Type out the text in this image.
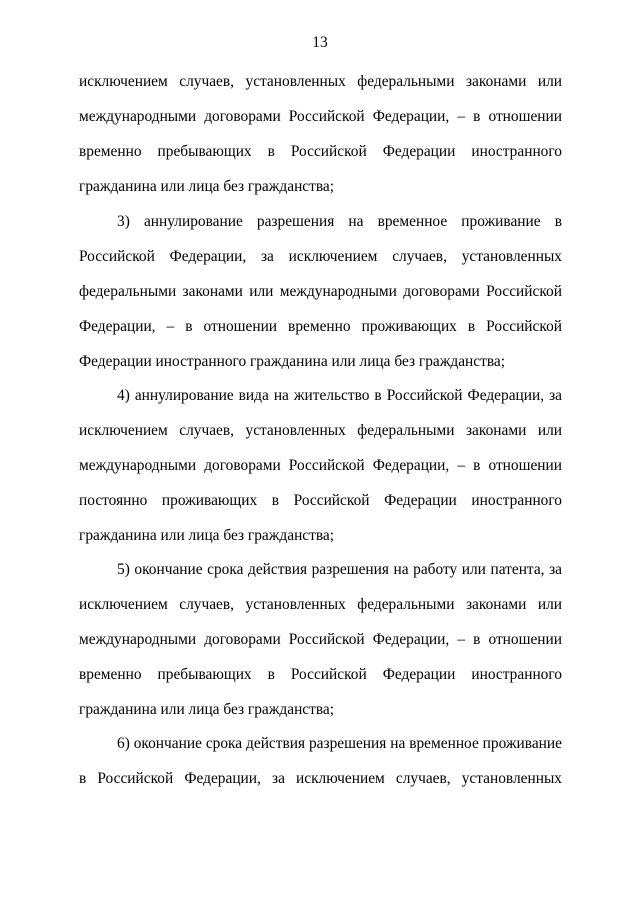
13
исключением случаев, установленных федеральными законами или
международными договорами Российской Федерации, – в отношении
временно пребывающих в Российской Федерации иностранного
гражданина или лица без гражданства;
3) аннулирование разрешения на временное проживание в
Российской Федерации, за исключением случаев, установленных
федеральными законами или международными договорами Российской
Федерации, – в отношении временно проживающих в Российской
Федерации иностранного гражданина или лица без гражданства;
4) аннулирование вида на жительство в Российской Федерации, за
исключением случаев, установленных федеральными законами или
международными договорами Российской Федерации, – в отношении
постоянно проживающих в Российской Федерации иностранного
гражданина или лица без гражданства;
5) окончание срока действия разрешения на работу или патента, за
исключением случаев, установленных федеральными законами или
международными договорами Российской Федерации, – в отношении
временно пребывающих в Российской Федерации иностранного
гражданина или лица без гражданства;
6) окончание срока действия разрешения на временное проживание
в Российской Федерации, за исключением случаев, установленных
